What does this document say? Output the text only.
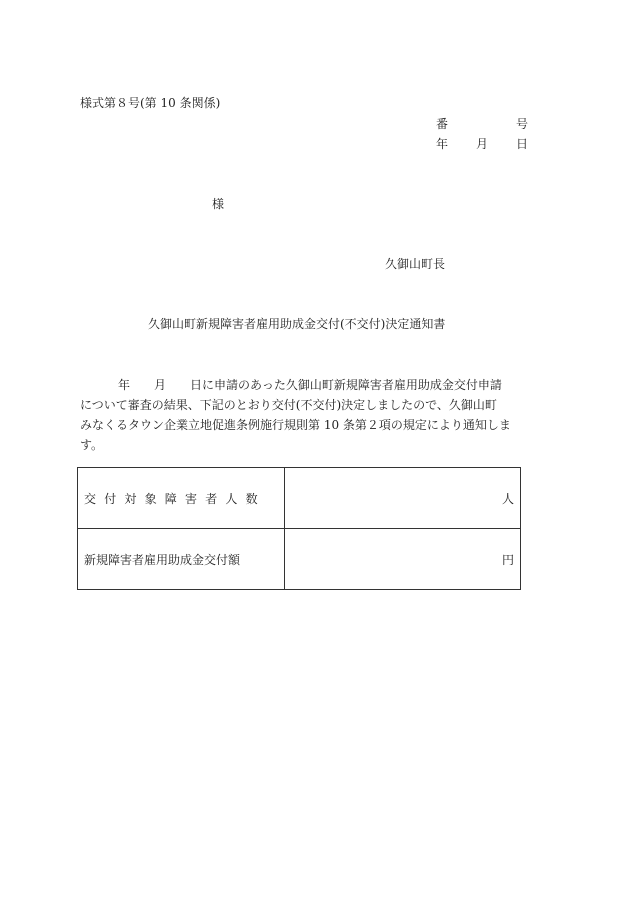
様式第８号(第 10 条関係)
番	号
年 月 日
様
久御山町長
久御山町新規障害者雇用助成金交付(不交付)決定通知書
年 月 日に申請のあった久御山町新規障害者雇用助成金交付申請
について審査の結果、下記のとおり交付(不交付)決定しましたので、久御山町
みなくるタウン企業立地促進条例施行規則第 10 条第２項の規定により通知しま
す。
交付対象障害者人数	人
新規障害者雇用助成金交付額	円
